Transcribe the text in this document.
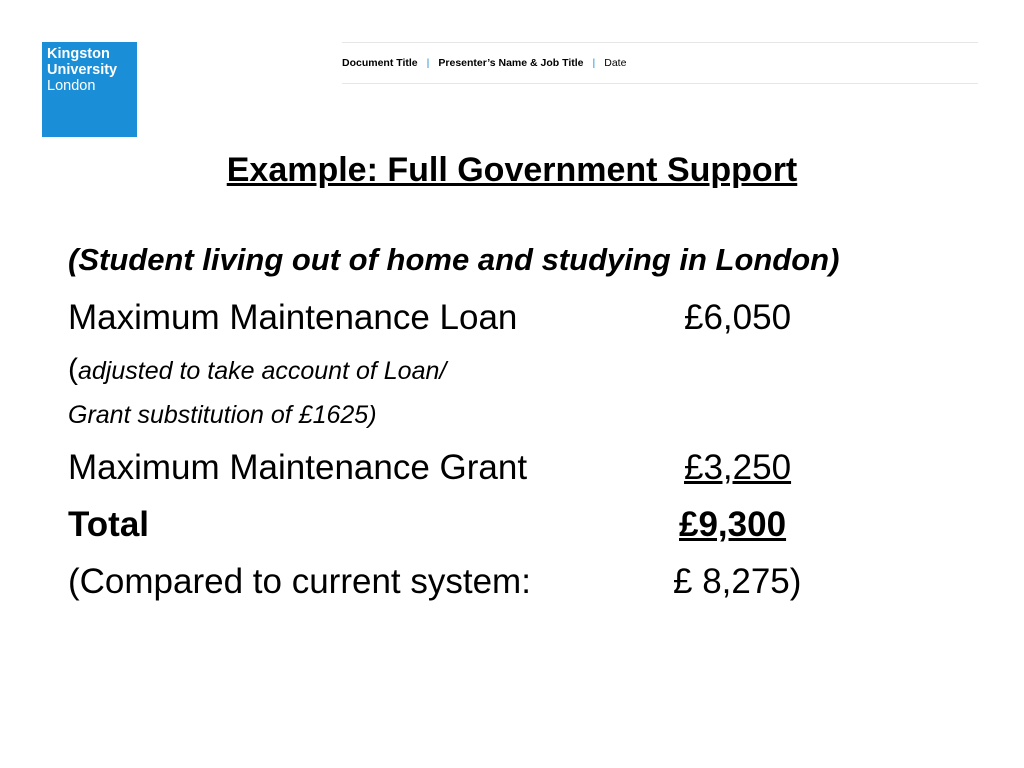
Kingston
University
London
Document Title | Presenter’s Name & Job Title | Date
Example: Full Government Support
(Student living out of home and studying in London)
Maximum Maintenance Loan	£6,050
(adjusted to take account of Loan/
Grant substitution of £1625)
Maximum Maintenance Grant	£3,250
Total	£9,300
(Compared to current system:	£ 8,275)
